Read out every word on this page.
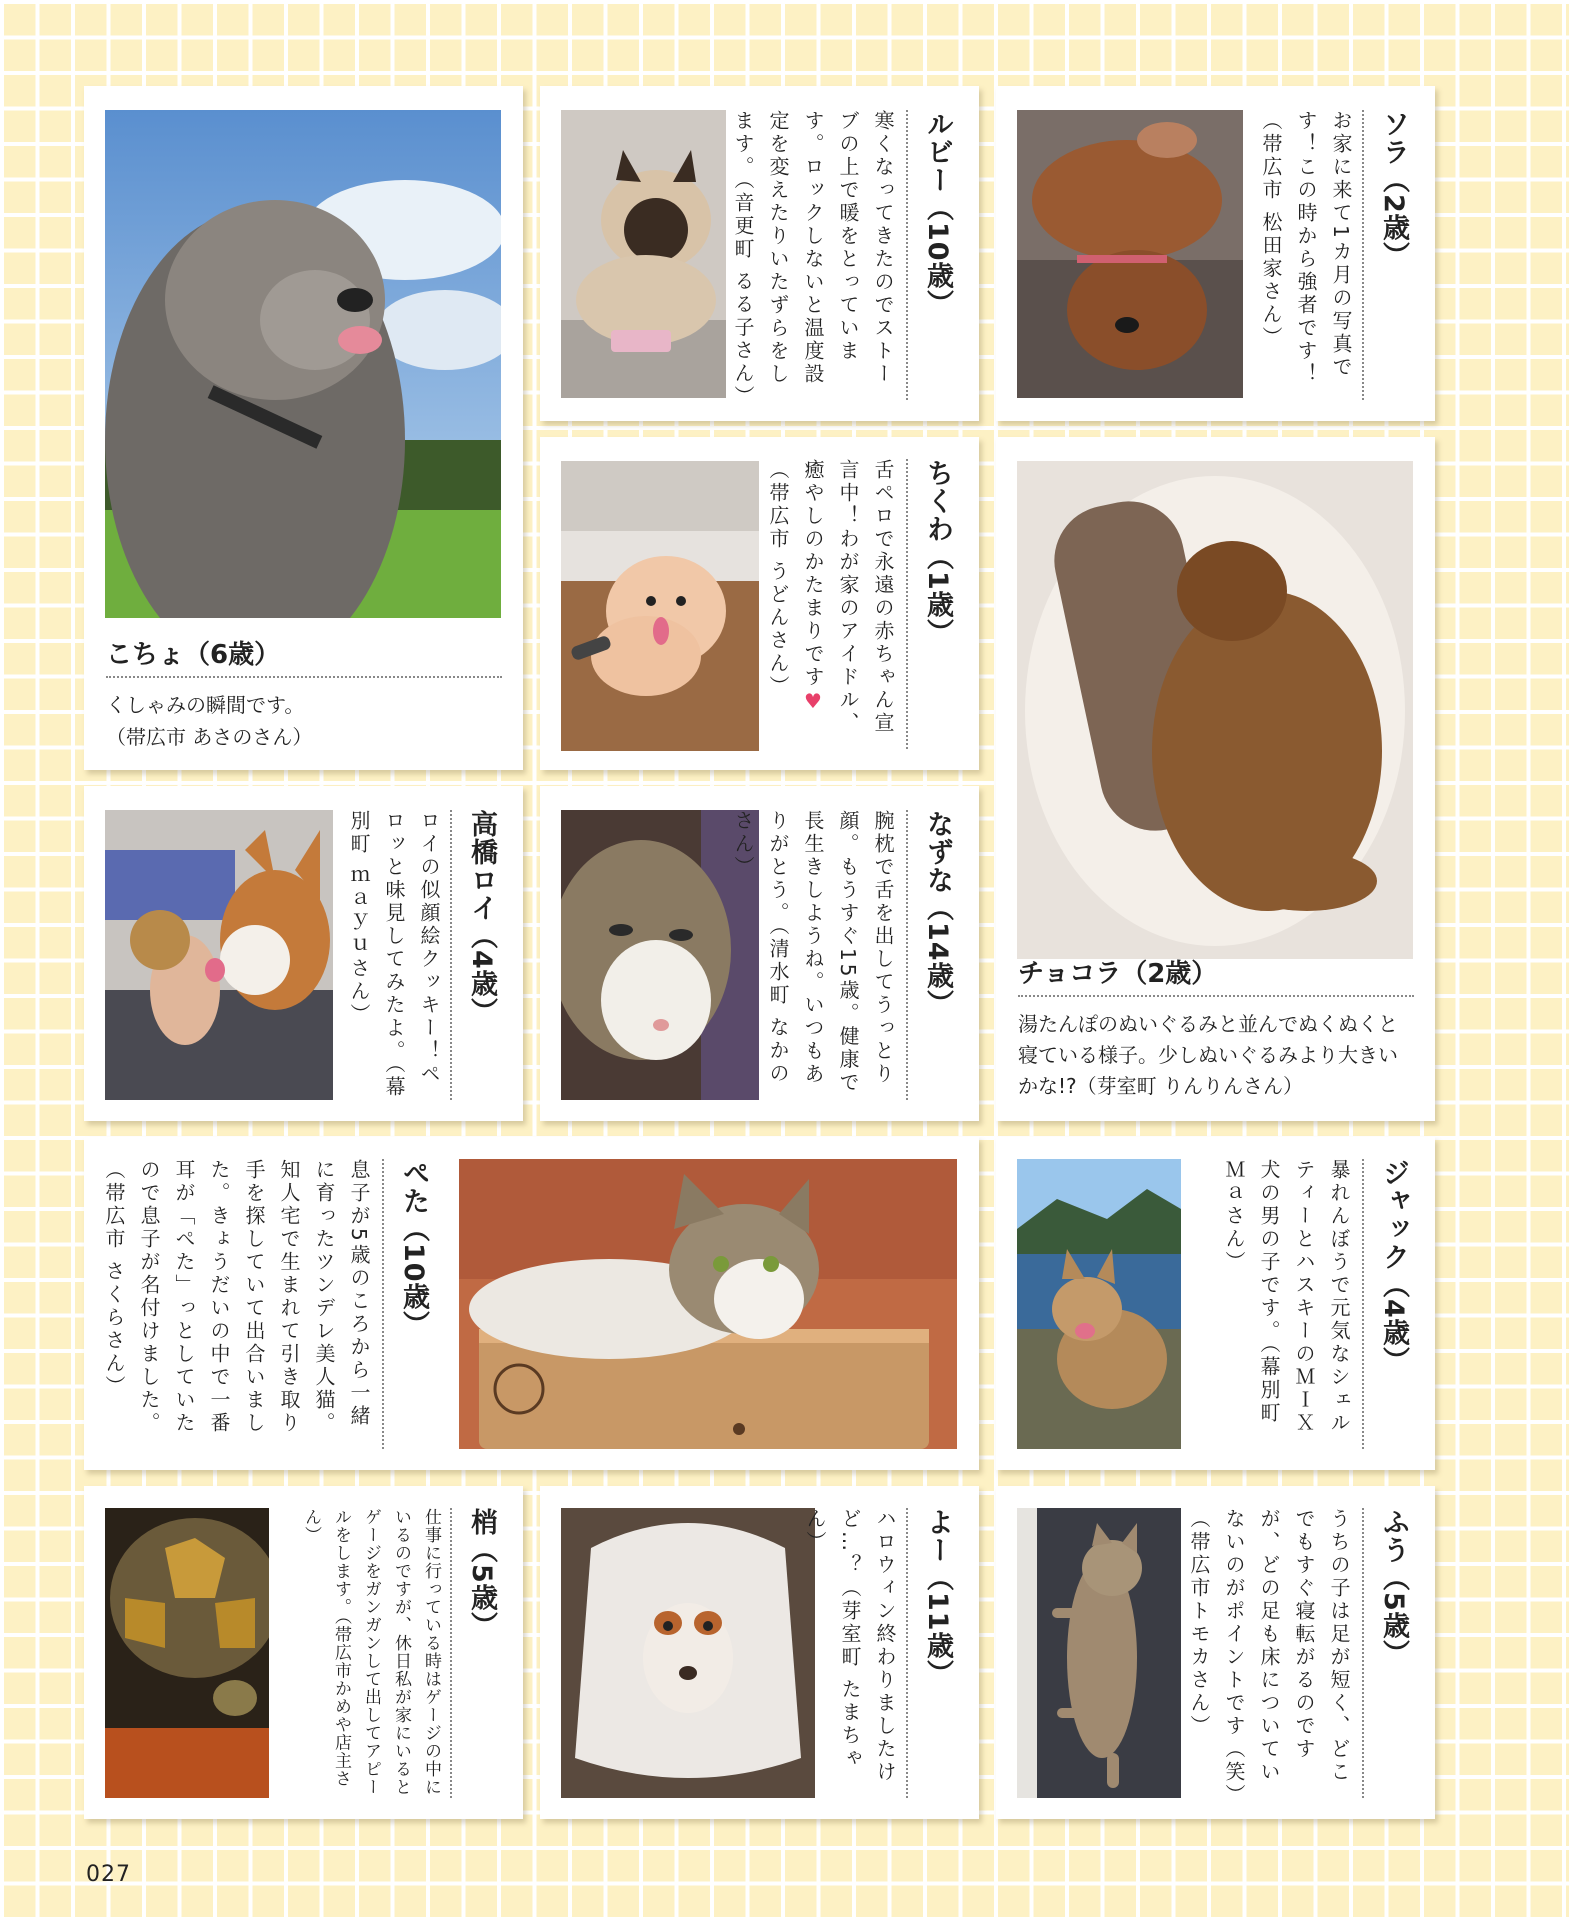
こちょ（6歳）
くしゃみの瞬間です。
（帯広市 あさのさん）
ルビー（10歳）
寒くなってきたのでストーブの上で暖をとっています。ロックしないと温度設定を変えたりいたずらをします。（音更町 るる子さん）	ソラ（2歳）
お家に来て1カ月の写真です！この時から強者です！（帯広市 松田家さん）
ちくわ（1歳）
舌ペロで永遠の赤ちゃん宣言中！わが家のアイドル、癒やしのかたまりです♥（帯広市 うどんさん）
チョコラ（2歳）
湯たんぽのぬいぐるみと並んでぬくぬくと寝ている様子。少しぬいぐるみより大きいかな!?（芽室町 りんりんさん）
高橋ロイ（4歳）
ロイの似顔絵クッキー！ペロッと味見してみたよ。（幕別町 ｍａｙｕさん）	なずな（14歳）
腕枕で舌を出してうっとり顔。もうすぐ15歳。健康で長生きしようね。いつもありがとう。（清水町 なかのさん）
ぺた（10歳）
息子が5歳のころから一緒に育ったツンデレ美人猫。知人宅で生まれて引き取り手を探していて出合いました。きょうだいの中で一番耳が「ぺた」っとしていたので息子が名付けました。（帯広市 さくらさん）	ジャック（4歳）
暴れんぼうで元気なシェルティーとハスキーのＭＩＸ犬の男の子です。（幕別町 Ｍａさん）
梢（5歳）
仕事に行っている時はゲージの中にいるのですが、休日私が家にいるとゲージをガンガンして出してアピールをします。（帯広市かめや店主さん）	よー（11歳）
ハロウィン終わりましたけど…？（芽室町 たまちゃん）	ふう（5歳）
うちの子は足が短く、どこでもすぐ寝転がるのですが、どの足も床についていないのがポイントです（笑）（帯広市トモカさん）
027
